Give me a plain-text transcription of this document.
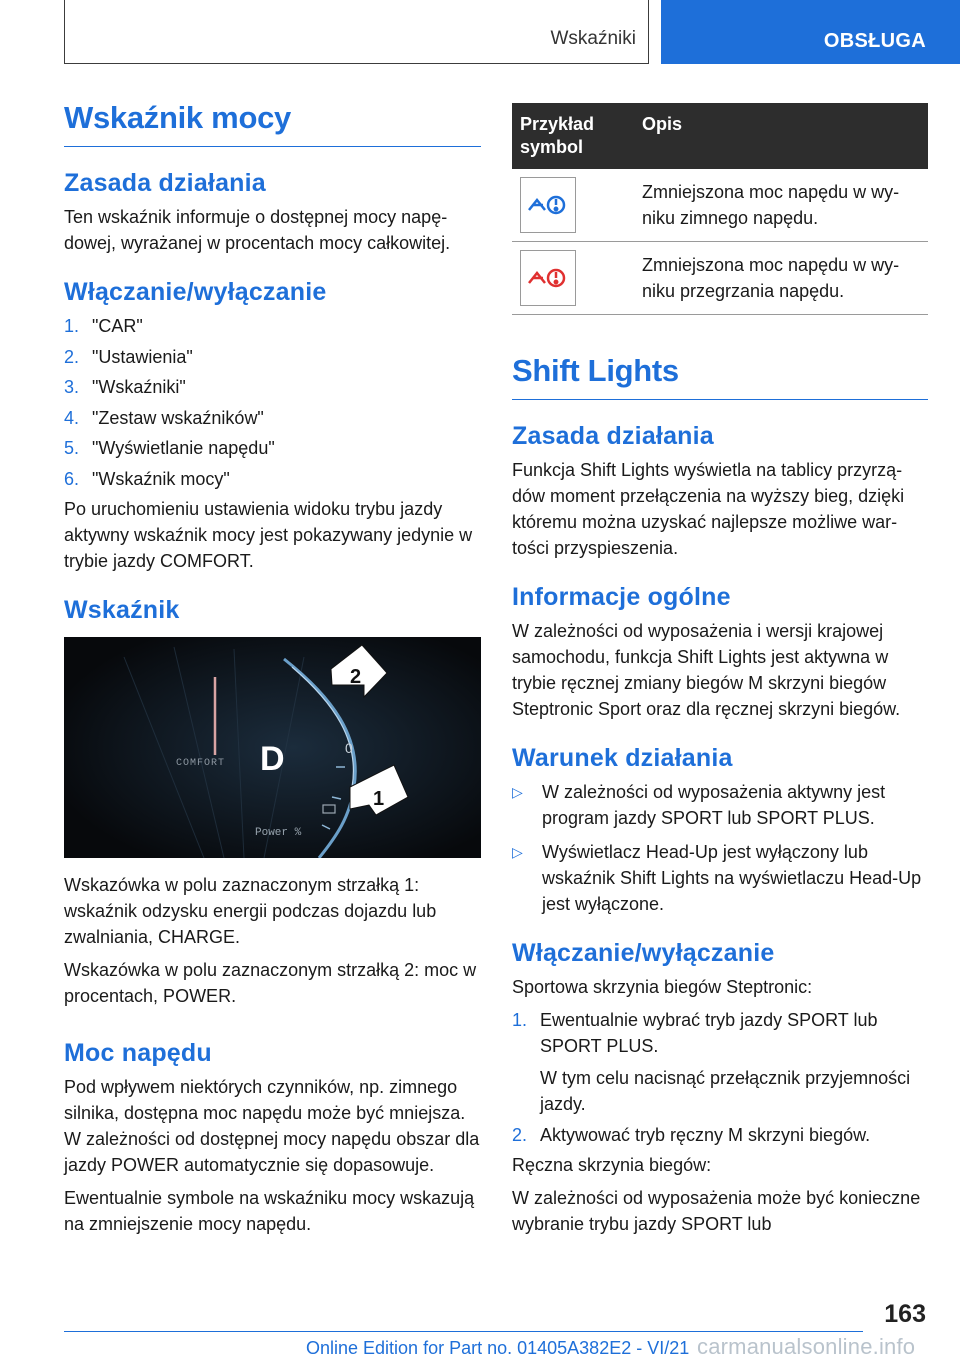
Wskaźniki	OBSŁUGA
Wskaźnik mocy
Zasada działania

Ten wskaźnik informuje o dostępnej mocy napędowej, wyrażanej w procentach mocy całkowitej.

Włączanie/wyłączanie
1. "CAR"
2. "Ustawienia"
3. "Wskaźniki"
4. "Zestaw wskaźników"
5. "Wyświetlanie napędu"
6. "Wskaźnik mocy"

Po uruchomieniu ustawienia widoku trybu jazdy aktywny wskaźnik mocy jest pokazywany jedynie w trybie jazdy COMFORT.

Wskaźnik
0
COMFORT D
Power %
2
1

Wskazówka w polu zaznaczonym strzałką 1: wskaźnik odzysku energii podczas dojazdu lub zwalniania, CHARGE.

Wskazówka w polu zaznaczonym strzałką 2: moc w procentach, POWER.

Moc napędu

Pod wpływem niektórych czynników, np. zimnego silnika, dostępna moc napędu może być mniejsza. W zależności od dostępnej mocy napędu obszar dla jazdy POWER automatycznie się dopasowuje.

Ewentualnie symbole na wskaźniku mocy wskazują na zmniejszenie mocy napędu.

Przykład symbol	Opis

	Zmniejszona moc napędu w wyniku zimnego napędu.

	Zmniejszona moc napędu w wyniku przegrzania napędu.
Shift Lights
Zasada działania

Funkcja Shift Lights wyświetla na tablicy przyrządów moment przełączenia na wyższy bieg, dzięki któremu można uzyskać najlepsze możliwe wartości przyspieszenia.

Informacje ogólne

W zależności od wyposażenia i wersji krajowej samochodu, funkcja Shift Lights jest aktywna w trybie ręcznej zmiany biegów M skrzyni biegów Steptronic Sport oraz dla ręcznej skrzyni biegów.

Warunek działania
▷ W zależności od wyposażenia aktywny jest program jazdy SPORT lub SPORT PLUS.
▷ Wyświetlacz Head-Up jest wyłączony lub wskaźnik Shift Lights na wyświetlaczu Head-Up jest wyłączone.
Włączanie/wyłączanie

Sportowa skrzynia biegów Steptronic:

1. Ewentualnie wybrać tryb jazdy SPORT lub SPORT PLUS.
W tym celu nacisnąć przełącznik przyjemności jazdy.
2. Aktywować tryb ręczny M skrzyni biegów.

Ręczna skrzynia biegów:

W zależności od wyposażenia może być konieczne wybranie trybu jazdy SPORT lub

163
Online Edition for Part no. 01405A382E2 - VI/21 carmanualsonline.info
